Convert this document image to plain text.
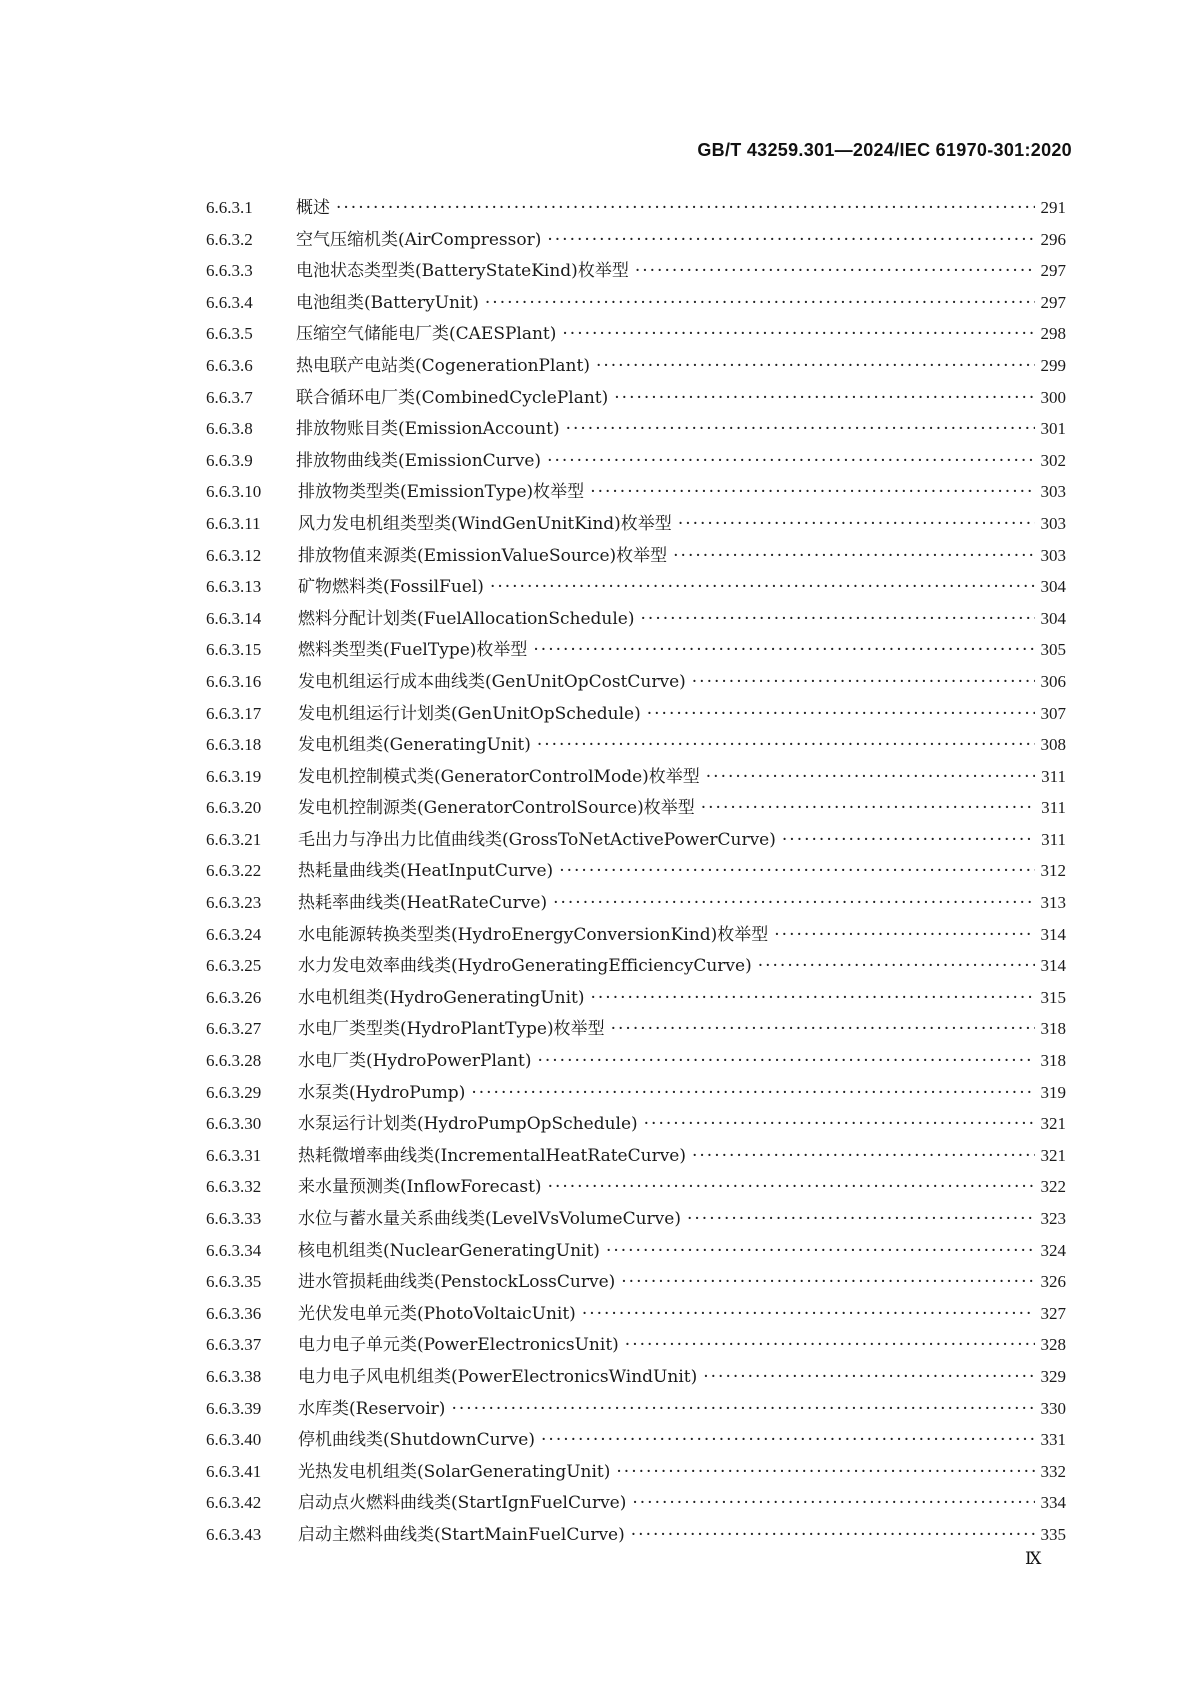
GB/T 43259.301—2024/IEC 61970-301:2020
6.6.3.1	概述 ·····	291
6.6.3.2	空气压缩机类(AirCompressor) ·····	296
6.6.3.3	电池状态类型类(BatteryStateKind)枚举型 ·····	297
6.6.3.4	电池组类(BatteryUnit) ·····	297
6.6.3.5	压缩空气储能电厂类(CAESPlant) ·····	298
6.6.3.6	热电联产电站类(CogenerationPlant) ·····	299
6.6.3.7	联合循环电厂类(CombinedCyclePlant) ·····	300
6.6.3.8	排放物账目类(EmissionAccount) ·····	301
6.6.3.9	排放物曲线类(EmissionCurve) ·····	302
6.6.3.10	排放物类型类(EmissionType)枚举型 ·····	303
6.6.3.11	风力发电机组类型类(WindGenUnitKind)枚举型 ·····	303
6.6.3.12	排放物值来源类(EmissionValueSource)枚举型 ·····	303
6.6.3.13	矿物燃料类(FossilFuel) ·····	304
6.6.3.14	燃料分配计划类(FuelAllocationSchedule) ·····	304
6.6.3.15	燃料类型类(FuelType)枚举型 ·····	305
6.6.3.16	发电机组运行成本曲线类(GenUnitOpCostCurve) ·····	306
6.6.3.17	发电机组运行计划类(GenUnitOpSchedule) ·····	307
6.6.3.18	发电机组类(GeneratingUnit) ·····	308
6.6.3.19	发电机控制模式类(GeneratorControlMode)枚举型 ·····	311
6.6.3.20	发电机控制源类(GeneratorControlSource)枚举型 ·····	311
6.6.3.21	毛出力与净出力比值曲线类(GrossToNetActivePowerCurve) ·····	311
6.6.3.22	热耗量曲线类(HeatInputCurve) ·····	312
6.6.3.23	热耗率曲线类(HeatRateCurve) ·····	313
6.6.3.24	水电能源转换类型类(HydroEnergyConversionKind)枚举型 ·····	314
6.6.3.25	水力发电效率曲线类(HydroGeneratingEfficiencyCurve) ·····	314
6.6.3.26	水电机组类(HydroGeneratingUnit) ·····	315
6.6.3.27	水电厂类型类(HydroPlantType)枚举型 ·····	318
6.6.3.28	水电厂类(HydroPowerPlant) ·····	318
6.6.3.29	水泵类(HydroPump) ·····	319
6.6.3.30	水泵运行计划类(HydroPumpOpSchedule) ·····	321
6.6.3.31	热耗微增率曲线类(IncrementalHeatRateCurve) ·····	321
6.6.3.32	来水量预测类(InflowForecast) ·····	322
6.6.3.33	水位与蓄水量关系曲线类(LevelVsVolumeCurve) ·····	323
6.6.3.34	核电机组类(NuclearGeneratingUnit) ·····	324
6.6.3.35	进水管损耗曲线类(PenstockLossCurve) ·····	326
6.6.3.36	光伏发电单元类(PhotoVoltaicUnit) ·····	327
6.6.3.37	电力电子单元类(PowerElectronicsUnit) ·····	328
6.6.3.38	电力电子风电机组类(PowerElectronicsWindUnit) ·····	329
6.6.3.39	水库类(Reservoir) ·····	330
6.6.3.40	停机曲线类(ShutdownCurve) ·····	331
6.6.3.41	光热发电机组类(SolarGeneratingUnit) ·····	332
6.6.3.42	启动点火燃料曲线类(StartIgnFuelCurve) ·····	334
6.6.3.43	启动主燃料曲线类(StartMainFuelCurve) ·····	335
Ⅸ
